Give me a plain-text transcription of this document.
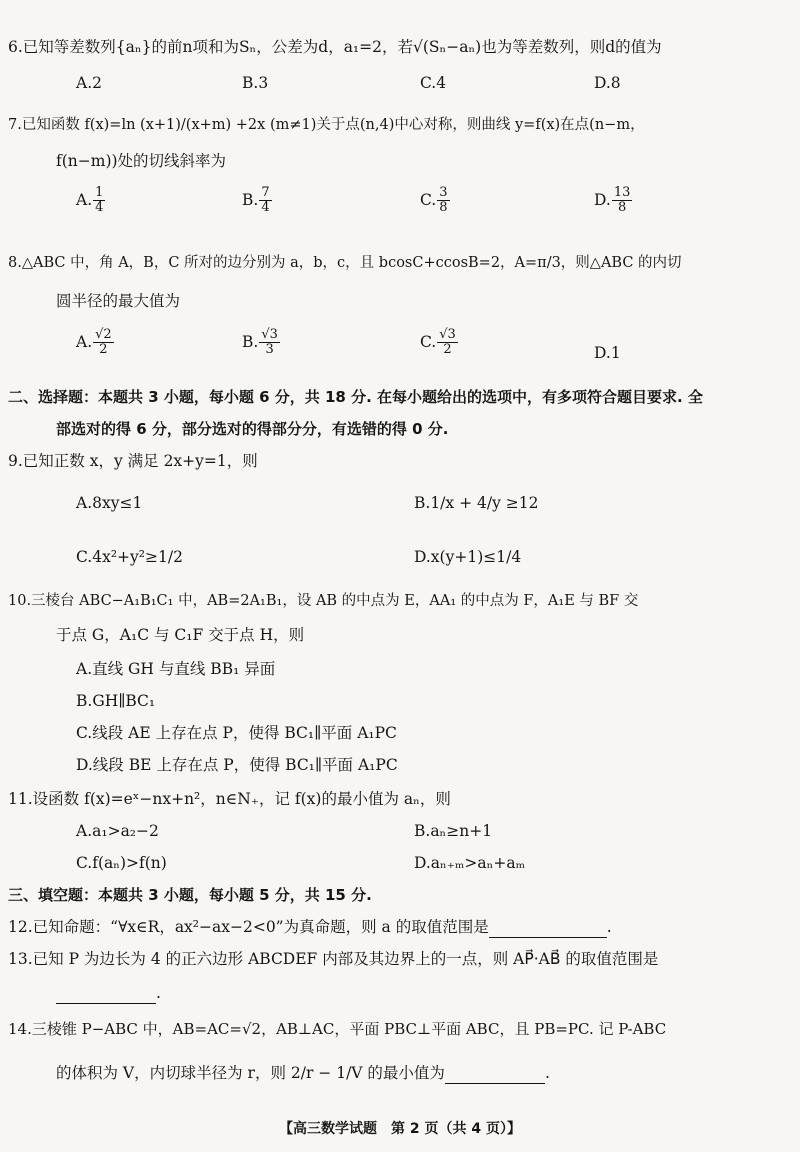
6.已知等差数列{aₙ}的前n项和为Sₙ，公差为d，a₁=2，若√(Sₙ−aₙ)也为等差数列，则d的值为
A.2	B.3	C.4	D.8
7.已知函数 f(x)=ln (x+1)/(x+m) +2x (m≠1)关于点(n,4)中心对称，则曲线 y=f(x)在点(n−m，
f(n−m))处的切线斜率为
A. $\frac{1}{4}$	B. $\frac{7}{4}$	C. $\frac{3}{8}$	D. $\frac{13}{8}$
8.△ABC 中，角 A，B，C 所对的边分别为 a，b，c，且 bcosC+ccosB=2，A=π/3，则△ABC 的内切
圆半径的最大值为
A. $\frac{√2}{2}$	B. $\frac{√3}{3}$	C. $\frac{√3}{2}$	D.1
二、选择题：本题共 3 小题，每小题 6 分，共 18 分. 在每小题给出的选项中，有多项符合题目要求. 全
部选对的得 6 分，部分选对的得部分分，有选错的得 0 分.
9.已知正数 x，y 满足 2x+y=1，则
A.8xy≤1	B.1/x + 4/y ≥12
C.4x²+y²≥1/2	D.x(y+1)≤1/4
10.三棱台 ABC−A₁B₁C₁ 中，AB=2A₁B₁，设 AB 的中点为 E，AA₁ 的中点为 F，A₁E 与 BF 交
于点 G，A₁C 与 C₁F 交于点 H，则
A.直线 GH 与直线 BB₁ 异面
B.GH∥BC₁
C.线段 AE 上存在点 P，使得 BC₁∥平面 A₁PC
D.线段 BE 上存在点 P，使得 BC₁∥平面 A₁PC
11.设函数 f(x)=eˣ−nx+n²，n∈N₊，记 f(x)的最小值为 aₙ，则
A.a₁>a₂−2	B.aₙ≥n+1
C.f(aₙ)>f(n)	D.aₙ₊ₘ>aₙ+aₘ
三、填空题：本题共 3 小题，每小题 5 分，共 15 分.
12.已知命题：“∀x∈R，ax²−ax−2<0”为真命题，则 a 的取值范围是	.
13.已知 P 为边长为 4 的正六边形 ABCDEF 内部及其边界上的一点，则 AP⃗·AB⃗ 的取值范围是
.
14.三棱锥 P−ABC 中，AB=AC=√2，AB⊥AC，平面 PBC⊥平面 ABC，且 PB=PC. 记 P-ABC
的体积为 V，内切球半径为 r，则 2/r − 1/V 的最小值为	.
【高三数学试题　第 2 页（共 4 页）】
